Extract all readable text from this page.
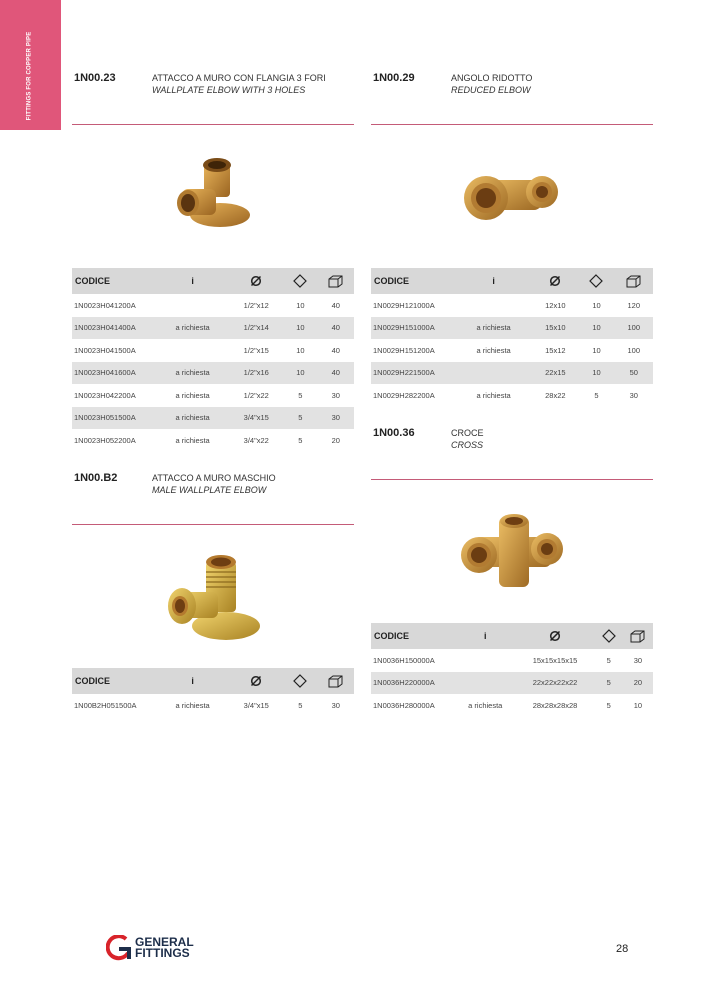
FITTINGS FOR COPPER PIPE	1N00.23	ATTACCO A MURO CON FLANGIA 3 FORI
WALLPLATE ELBOW WITH 3 HOLES
CODICE	i			
1N0023H041200A		1/2"x12	10	40
1N0023H041400A	a richiesta	1/2"x14	10	40
1N0023H041500A		1/2"x15	10	40
1N0023H041600A	a richiesta	1/2"x16	10	40
1N0023H042200A	a richiesta	1/2"x22	5	30
1N0023H051500A	a richiesta	3/4"x15	5	30
1N0023H052200A	a richiesta	3/4"x22	5	20
1N00.29	ANGOLO RIDOTTO
REDUCED ELBOW
CODICE	i			
1N0029H121000A		12x10	10	120
1N0029H151000A	a richiesta	15x10	10	100
1N0029H151200A	a richiesta	15x12	10	100
1N0029H221500A		22x15	10	50
1N0029H282200A	a richiesta	28x22	5	30
1N00.B2	ATTACCO A MURO MASCHIO
MALE WALLPLATE ELBOW
CODICE	i			
1N00B2H051500A	a richiesta	3/4"x15	5	30
1N00.36	CROCE
CROSS
CODICE	i			
1N0036H150000A		15x15x15x15	5	30
1N0036H220000A		22x22x22x22	5	20
1N0036H280000A	a richiesta	28x28x28x28	5	10
GENERAL
FITTINGS	28
